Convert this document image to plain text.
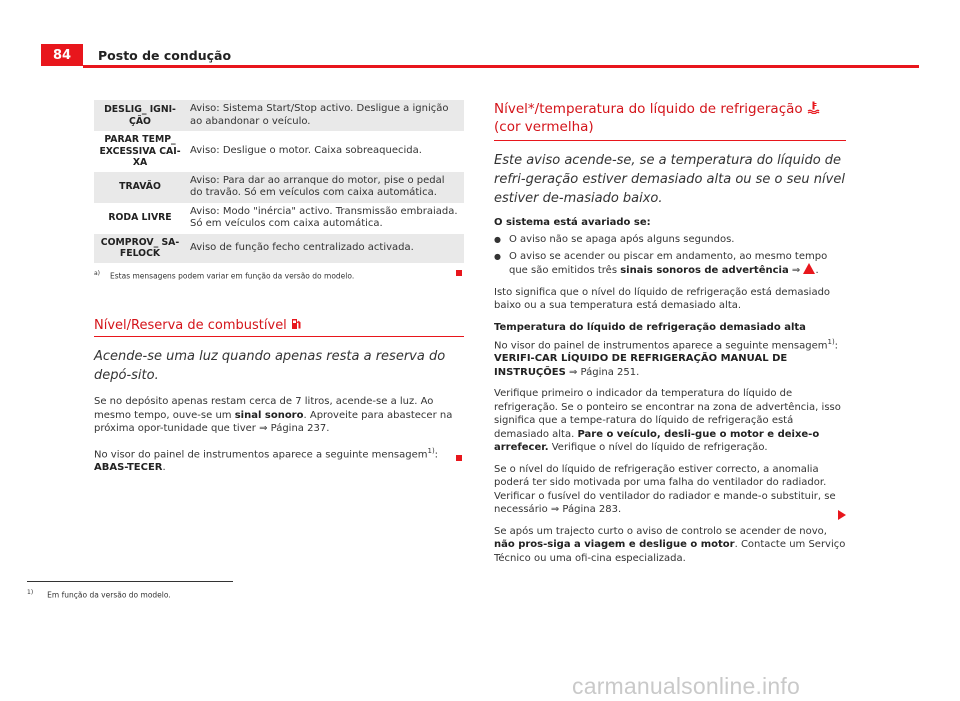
84	Posto de condução
DESLIG_ IGNI-ÇÃO	Aviso: Sistema Start/Stop activo. Desligue a ignição ao abandonar o veículo.
PARAR TEMP_ EXCESSIVA CAI-XA	Aviso: Desligue o motor. Caixa sobreaquecida.
TRAVÃO	Aviso: Para dar ao arranque do motor, pise o pedal do travão. Só em veículos com caixa automática.
RODA LIVRE	Aviso: Modo "inércia" activo. Transmissão embraiada. Só em veículos com caixa automática.
COMPROV_ SA-FELOCK	Aviso de função fecho centralizado activada.
$^{a)}$ Estas mensagens podem variar em função da versão do modelo.
Nível/Reserva de combustível
Acende-se uma luz quando apenas resta a reserva do depó-sito.
Se no depósito apenas restam cerca de 7 litros, acende-se a luz. Ao mesmo tempo, ouve-se um sinal sonoro. Aproveite para abastecer na próxima opor-tunidade que tiver ⇒ Página 237.
No visor do painel de instrumentos aparece a seguinte mensagem$^{1)}$: ABAS-TECER.
Nível*/temperatura do líquido de refrigeração  (cor vermelha)
Este aviso acende-se, se a temperatura do líquido de refri-geração estiver demasiado alta ou se o seu nível estiver de-masiado baixo.
O sistema está avariado se:
● O aviso não se apaga após alguns segundos.
● O aviso se acender ou piscar em andamento, ao mesmo tempo que são emitidos três sinais sonoros de advertência ⇒ .
Isto significa que o nível do líquido de refrigeração está demasiado baixo ou a sua temperatura está demasiado alta.
Temperatura do líquido de refrigeração demasiado alta
No visor do painel de instrumentos aparece a seguinte mensagem$^{1)}$: VERIFI-CAR LÍQUIDO DE REFRIGERAÇÃO MANUAL DE INSTRUÇÕES ⇒ Página 251.
Verifique primeiro o indicador da temperatura do líquido de refrigeração. Se o ponteiro se encontrar na zona de advertência, isso significa que a tempe-ratura do líquido de refrigeração está demasiado alta. Pare o veículo, desli-gue o motor e deixe-o arrefecer. Verifique o nível do líquido de refrigeração.
Se o nível do líquido de refrigeração estiver correcto, a anomalia poderá ter sido motivada por uma falha do ventilador do radiador. Verificar o fusível do ventilador do radiador e mande-o substituir, se necessário ⇒ Página 283.
Se após um trajecto curto o aviso de controlo se acender de novo, não pros-siga a viagem e desligue o motor. Contacte um Serviço Técnico ou uma ofi-cina especializada.
$^{1)}$ Em função da versão do modelo.
carmanualsonline.info
